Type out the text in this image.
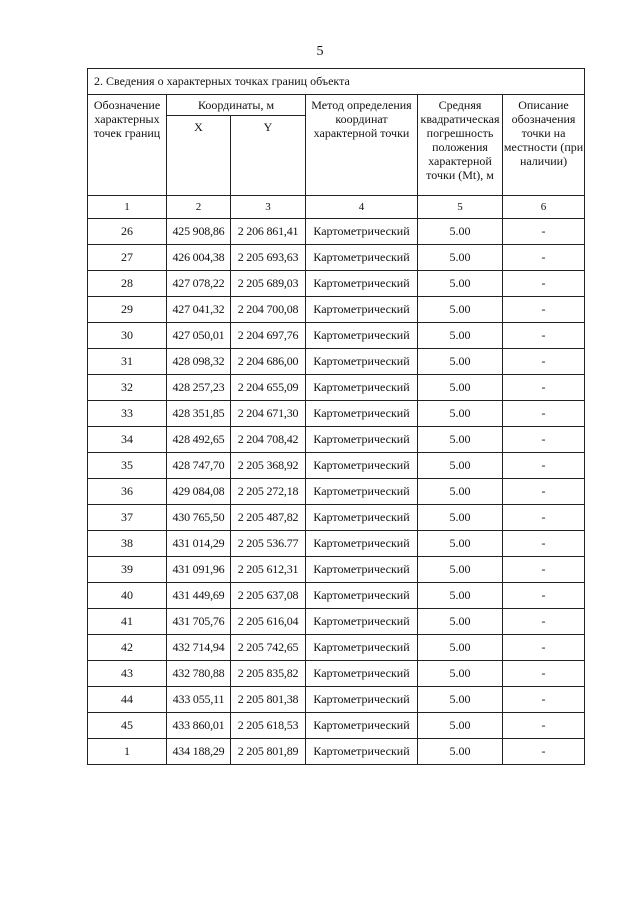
5
2. Сведения о характерных точках границ объекта					
Обозначение характерных точек границ	Координаты, м		Метод определения координат характерной точки	Средняя квадратическая погрешность положения характерной точки (Mt), м	Описание обозначения точки на местности (при наличии)
	X	Y			
1	2	3	4	5	6
26	425 908,86	2 206 861,41	Картометрический	5.00	-
27	426 004,38	2 205 693,63	Картометрический	5.00	-
28	427 078,22	2 205 689,03	Картометрический	5.00	-
29	427 041,32	2 204 700,08	Картометрический	5.00	-
30	427 050,01	2 204 697,76	Картометрический	5.00	-
31	428 098,32	2 204 686,00	Картометрический	5.00	-
32	428 257,23	2 204 655,09	Картометрический	5.00	-
33	428 351,85	2 204 671,30	Картометрический	5.00	-
34	428 492,65	2 204 708,42	Картометрический	5.00	-
35	428 747,70	2 205 368,92	Картометрический	5.00	-
36	429 084,08	2 205 272,18	Картометрический	5.00	-
37	430 765,50	2 205 487,82	Картометрический	5.00	-
38	431 014,29	2 205 536.77	Картометрический	5.00	-
39	431 091,96	2 205 612,31	Картометрический	5.00	-
40	431 449,69	2 205 637,08	Картометрический	5.00	-
41	431 705,76	2 205 616,04	Картометрический	5.00	-
42	432 714,94	2 205 742,65	Картометрический	5.00	-
43	432 780,88	2 205 835,82	Картометрический	5.00	-
44	433 055,11	2 205 801,38	Картометрический	5.00	-
45	433 860,01	2 205 618,53	Картометрический	5.00	-
1	434 188,29	2 205 801,89	Картометрический	5.00	-
